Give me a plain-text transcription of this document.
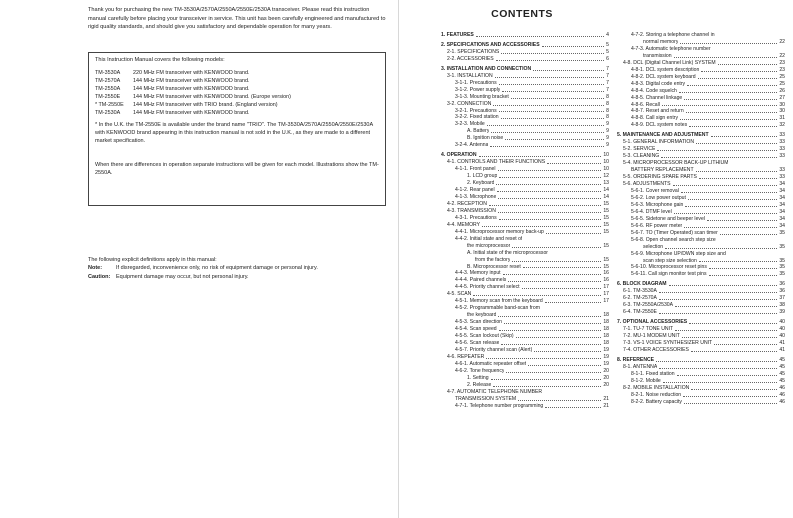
Thank you for purchasing the new TM-3530A/2570A/2550A/2550E/2530A transceiver. Please read this instruction manual carefully before placing your transceiver in service. This unit has been carefully engineered and manufactured to rigid quality standards, and should give you satisfactory and dependable operation for many years.
This Instruction Manual covers the following models:
TM-3530A	220 MHz FM transceiver with KENWOOD brand.
TM-2570A	144 MHz FM transceiver with KENWOOD brand.
TM-2550A	144 MHz FM transceiver with KENWOOD brand.
TM-2550E	144 MHz FM transceiver with KENWOOD brand. (Europe version)
* TM-2550E	144 MHz FM transceiver with TRIO brand. (England version)
TM-2530A	144 MHz FM transceiver with KENWOOD brand.
* In the U.K. the TM-2550E is available under the brand name "TRIO". The TM-3530A/2570A/2550A/2550E/2530A with KENWOOD brand appearing in this instruction manual is not sold in the U.K., as they are made to a different market specification.
When there are differences in operation separate instructions will be given for each model. Illustrations show the TM-2550A.
The following explicit definitions apply in this manual:
Note:	If disregarded, inconvenience only, no risk of equipment damage or personal injury.
Caution:	Equipment damage may occur, but not personal injury.
CONTENTS
1. FEATURES	4
2. SPECIFICATIONS AND ACCESSORIES	5
2-1. SPECIFICATIONS	5
2-2. ACCESSORIES	6
3. INSTALLATION AND CONNECTION	7
3-1. INSTALLATION	7
3-1-1. Precautions	7
3-1-2. Power supply	7
3-1-3. Mounting bracket	8
3-2. CONNECTION	8
3-2-1. Precautions	8
3-2-2. Fixed station	8
3-2-3. Mobile	9
A. Battery	9
B. Ignition noise	9
3-2-4. Antenna	9
4. OPERATION	10
4-1. CONTROLS AND THEIR FUNCTIONS	10
4-1-1. Front panel	10
1. LCD group	12
2. Keyboard	13
4-1-2. Rear panel	14
4-1-3. Microphone	14
4-2. RECEPTION	15
4-3. TRANSMISSION	15
4-3-1. Precautions	15
4-4. MEMORY	15
4-4-1. Microprocessor memory back-up	15
4-4-2. Initial state and reset of
the microprocessor	15
A. Initial state of the microprocessor
from the factory	15
B. Microprocessor reset	15
4-4-3. Memory input	16
4-4-4. Paired channels	16
4-4-5. Priority channel select	17
4-5. SCAN	17
4-5-1. Memory scan from the keyboard	17
4-5-2. Programmable band-scan from
the keyboard	18
4-5-3. Scan direction	18
4-5-4. Scan speed	18
4-5-5. Scan lockout (Skip)	18
4-5-6. Scan release	18
4-5-7. Priority channel scan (Alert)	19
4-6. REPEATER	19
4-6-1. Automatic repeater offset	19
4-6-2. Tone frequency	20
1. Setting	20
2. Release	20
4-7. AUTOMATIC TELEPHONE NUMBER
TRANSMISSION SYSTEM	21
4-7-1. Telephone number programming	21
4-7-2. Storing a telephone channel in
normal memory	22
4-7-3. Automatic telephone number
transmission	22
4-8. DCL (Digital Channel Link) SYSTEM	23
4-8-1. DCL system description	23
4-8-2. DCL system keyboard	25
4-8-3. Digital code entry	25
4-8-4. Code squelch	26
4-8-5. Channel linkage	27
4-8-6. Recall	30
4-8-7. Reset and return	30
4-8-8. Call sign entry	31
4-8-9. DCL system notes	32
5. MAINTENANCE AND ADJUSTMENT	33
5-1. GENERAL INFORMATION	33
5-2. SERVICE	33
5-3. CLEANING	33
5-4. MICROPROCESSOR BACK-UP LITHIUM
BATTERY REPLACEMENT	33
5-5. ORDERING SPARE PARTS	33
5-6. ADJUSTMENTS	34
5-6-1. Cover removal	34
5-6-2. Low power output	34
5-6-3. Microphone gain	34
5-6-4. DTMF level	34
5-6-5. Sidetone and beeper level	34
5-6-6. RF power meter	34
5-6-7. TO (Timer Operated) scan timer	35
5-6-8. Open channel search step size
selection	35
5-6-9. Microphone UP/DWN step size and
scan step size selection	35
5-6-10. Microprocessor reset pins	35
5-6-11. Call sign monitor test pins	35
6. BLOCK DIAGRAM	36
6-1. TM-3530A	36
6-2. TM-2570A	37
6-3. TM-2550A/2530A	38
6-4. TM-2550E	39
7. OPTIONAL ACCESSORIES	40
7-1. TU-7 TONE UNIT	40
7-2. MU-1 MODEM UNIT	40
7-3. VS-1 VOICE SYNTHESIZER UNIT	41
7-4. OTHER ACCESSORIES	41
8. REFERENCE	45
8-1. ANTENNA	45
8-1-1. Fixed station	45
8-1-2. Mobile	45
8-2. MOBILE INSTALLATION	46
8-2-1. Noise reduction	46
8-2-2. Battery capacity	46
